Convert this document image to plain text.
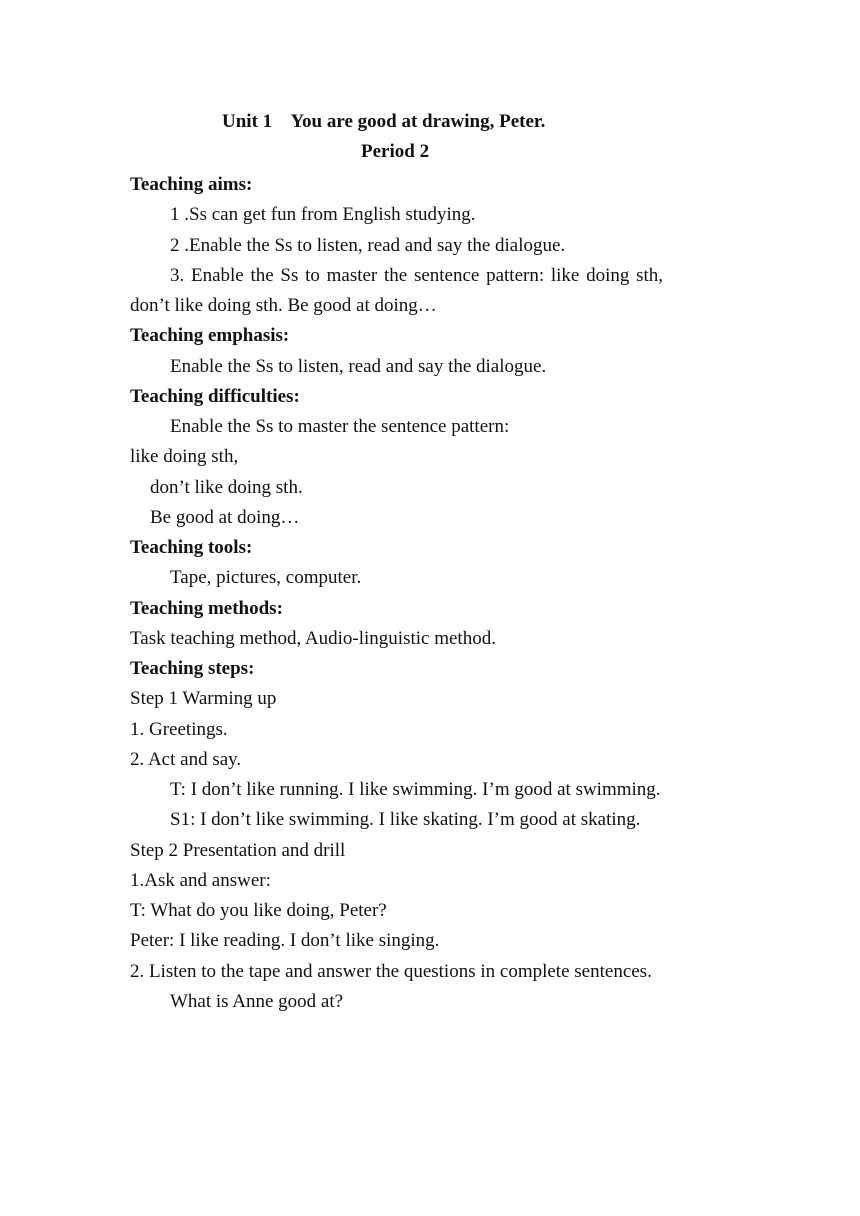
Unit 1    You are good at drawing, Peter.
Period 2
Teaching aims:
1 .Ss can get fun from English studying.
2 .Enable the Ss to listen, read and say the dialogue.
3. Enable the Ss to master the sentence pattern: like doing sth, don’t like doing sth. Be good at doing…
Teaching emphasis:
Enable the Ss to listen, read and say the dialogue.
Teaching difficulties:
Enable the Ss to master the sentence pattern:
like doing sth,
don’t like doing sth.
Be good at doing…
Teaching tools:
Tape, pictures, computer.
Teaching methods:
Task teaching method, Audio-linguistic method.
Teaching steps:
Step 1 Warming up
1. Greetings.
2. Act and say.
T: I don’t like running. I like swimming. I’m good at swimming.
S1: I don’t like swimming. I like skating. I’m good at skating.
Step 2 Presentation and drill
1.Ask and answer:
T: What do you like doing, Peter?
Peter: I like reading. I don’t like singing.
2. Listen to the tape and answer the questions in complete sentences.
What is Anne good at?
